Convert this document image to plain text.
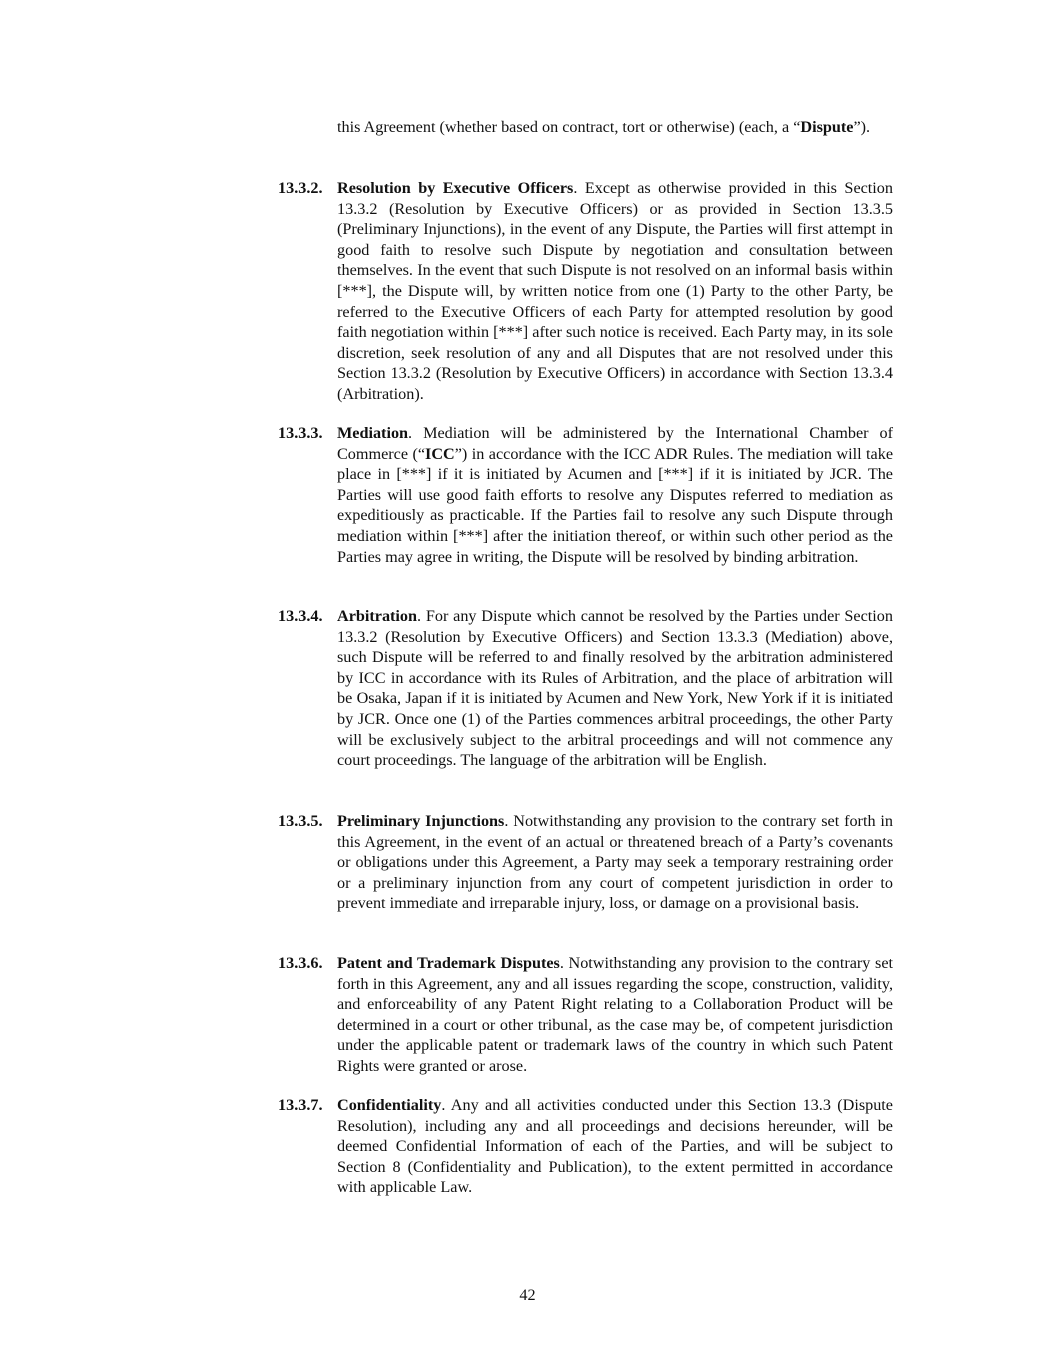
this Agreement (whether based on contract, tort or otherwise) (each, a “Dispute”).

13.3.2. Resolution by Executive Officers. Except as otherwise provided in this Section 13.3.2 (Resolution by Executive Officers) or as provided in Section 13.3.5 (Preliminary Injunctions), in the event of any Dispute, the Parties will first attempt in good faith to resolve such Dispute by negotiation and consultation between themselves. In the event that such Dispute is not resolved on an informal basis within [***], the Dispute will, by written notice from one (1) Party to the other Party, be referred to the Executive Officers of each Party for attempted resolution by good faith negotiation within [***] after such notice is received. Each Party may, in its sole discretion, seek resolution of any and all Disputes that are not resolved under this Section 13.3.2 (Resolution by Executive Officers) in accordance with Section 13.3.4 (Arbitration).

13.3.3. Mediation. Mediation will be administered by the International Chamber of Commerce (“ICC”) in accordance with the ICC ADR Rules. The mediation will take place in [***] if it is initiated by Acumen and [***] if it is initiated by JCR. The Parties will use good faith efforts to resolve any Disputes referred to mediation as expeditiously as practicable. If the Parties fail to resolve any such Dispute through mediation within [***] after the initiation thereof, or within such other period as the Parties may agree in writing, the Dispute will be resolved by binding arbitration.

13.3.4. Arbitration. For any Dispute which cannot be resolved by the Parties under Section 13.3.2 (Resolution by Executive Officers) and Section 13.3.3 (Mediation) above, such Dispute will be referred to and finally resolved by the arbitration administered by ICC in accordance with its Rules of Arbitration, and the place of arbitration will be Osaka, Japan if it is initiated by Acumen and New York, New York if it is initiated by JCR. Once one (1) of the Parties commences arbitral proceedings, the other Party will be exclusively subject to the arbitral proceedings and will not commence any court proceedings. The language of the arbitration will be English.

13.3.5. Preliminary Injunctions. Notwithstanding any provision to the contrary set forth in this Agreement, in the event of an actual or threatened breach of a Party’s covenants or obligations under this Agreement, a Party may seek a temporary restraining order or a preliminary injunction from any court of competent jurisdiction in order to prevent immediate and irreparable injury, loss, or damage on a provisional basis.

13.3.6. Patent and Trademark Disputes. Notwithstanding any provision to the contrary set forth in this Agreement, any and all issues regarding the scope, construction, validity, and enforceability of any Patent Right relating to a Collaboration Product will be determined in a court or other tribunal, as the case may be, of competent jurisdiction under the applicable patent or trademark laws of the country in which such Patent Rights were granted or arose.

13.3.7. Confidentiality. Any and all activities conducted under this Section 13.3 (Dispute Resolution), including any and all proceedings and decisions hereunder, will be deemed Confidential Information of each of the Parties, and will be subject to Section 8 (Confidentiality and Publication), to the extent permitted in accordance with applicable Law.

42
